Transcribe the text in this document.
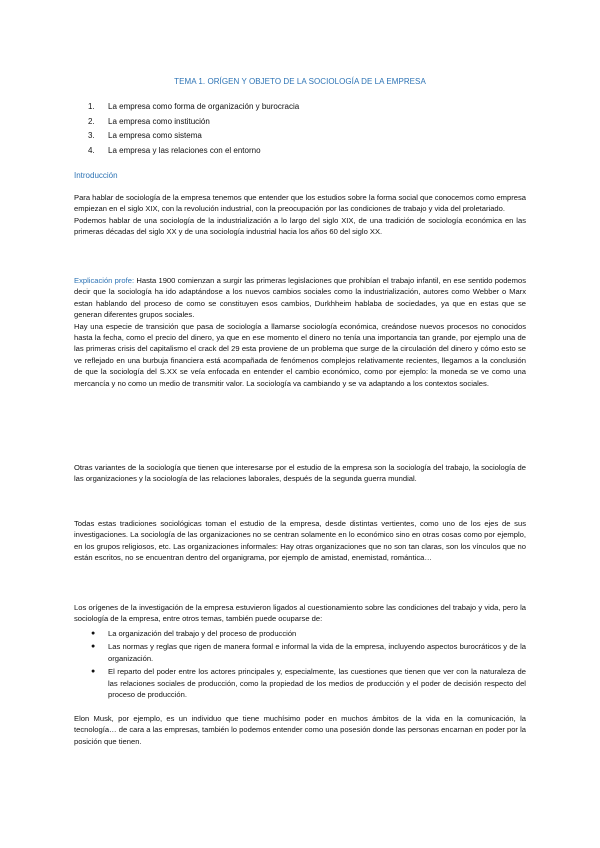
TEMA 1. ORÍGEN Y OBJETO DE LA SOCIOLOGÍA DE LA EMPRESA
1. La empresa como forma de organización y burocracia
2. La empresa como institución
3. La empresa como sistema
4. La empresa y las relaciones con el entorno
Introducción

Para hablar de sociología de la empresa tenemos que entender que los estudios sobre la forma social que conocemos como empresa empiezan en el siglo XIX, con la revolución industrial, con la preocupación por las condiciones de trabajo y vida del proletariado.

Podemos hablar de una sociología de la industrialización a lo largo del siglo XIX, de una tradición de sociología económica en las primeras décadas del siglo XX y de una sociología industrial hacia los años 60 del siglo XX.

Explicación profe: Hasta 1900 comienzan a surgir las primeras legislaciones que prohibían el trabajo infantil, en ese sentido podemos decir que la sociología ha ido adaptándose a los nuevos cambios sociales como la industrialización, autores como Webber o Marx estan hablando del proceso de como se constituyen esos cambios, Durkhheim hablaba de sociedades, ya que en estas que se generan diferentes grupos sociales.

Hay una especie de transición que pasa de sociología a llamarse sociología económica, creándose nuevos procesos no conocidos hasta la fecha, como el precio del dinero, ya que en ese momento el dinero no tenía una importancia tan grande, por ejemplo una de las primeras crisis del capitalismo el crack del 29 esta proviene de un problema que surge de la circulación del dinero y cómo esto se ve reflejado en una burbuja financiera está acompañada de fenómenos complejos relativamente recientes, llegamos a la conclusión de que la sociología del S.XX se veía enfocada en entender el cambio económico, como por ejemplo: la moneda se ve como una mercancía y no como un medio de transmitir valor. La sociología va cambiando y se va adaptando a los contextos sociales.

Otras variantes de la sociología que tienen que interesarse por el estudio de la empresa son la sociología del trabajo, la sociología de las organizaciones y la sociología de las relaciones laborales, después de la segunda guerra mundial.

Todas estas tradiciones sociológicas toman el estudio de la empresa, desde distintas vertientes, como uno de los ejes de sus investigaciones. La sociología de las organizaciones no se centran solamente en lo económico sino en otras cosas como por ejemplo, en los grupos religiosos, etc. Las organizaciones informales: Hay otras organizaciones que no son tan claras, son los vínculos que no están escritos, no se encuentran dentro del organigrama, por ejemplo de amistad, enemistad, romántica…

Los orígenes de la investigación de la empresa estuvieron ligados al cuestionamiento sobre las condiciones del trabajo y vida, pero la sociología de la empresa, entre otros temas, también puede ocuparse de:

● La organización del trabajo y del proceso de producción
● Las normas y reglas que rigen de manera formal e informal la vida de la empresa, incluyendo aspectos burocráticos y de la organización.
● El reparto del poder entre los actores principales y, especialmente, las cuestiones que tienen que ver con la naturaleza de las relaciones sociales de producción, como la propiedad de los medios de producción y el poder de decisión respecto del proceso de producción.

Elon Musk, por ejemplo, es un individuo que tiene muchísimo poder en muchos ámbitos de la vida en la comunicación, la tecnología… de cara a las empresas, también lo podemos entender como una posesión donde las personas encarnan en poder por la posición que tienen.
